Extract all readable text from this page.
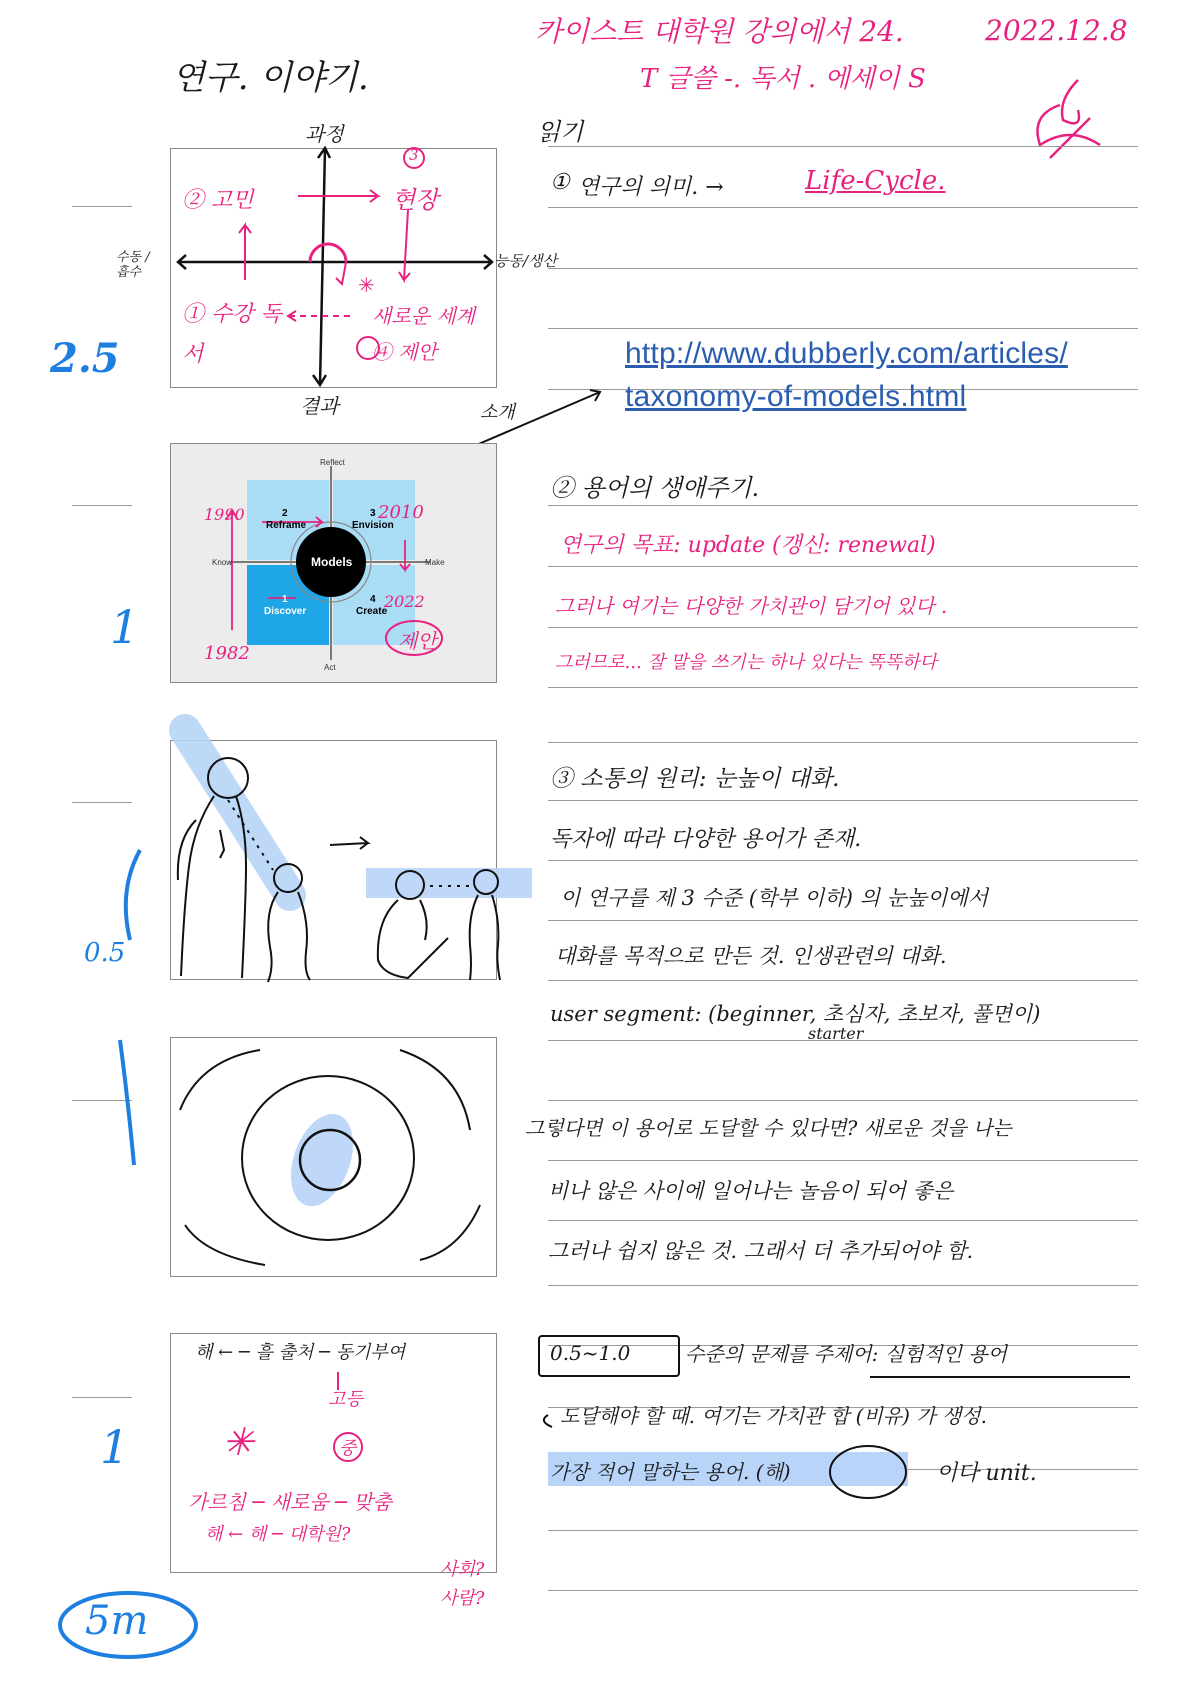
연구. 이야기.
카이스트 대학원 강의에서 24.	2022.12.8
T 글쓸 -. 독서 . 에세이 S
읽기
✳
과정
결과
수동 / 흡수
능동/생산
② 고민
3
현장
① 수강 독서
새로운 세계 ④ 제안
2.5
소개
http://www.dubberly.com/articles/
taxonomy-of-models.html
Reflect
Act
Know	Make
Models
2
Reframe
3
Envision
1
Discover
4
Create
1990	2010
1982
2022
제안
1
0.5
해 ← ─ 흘 출처 ─ 동기부여
고등
✳	중
가르침 ─ 새로움 ─ 맞춤
해 ← 해 ─ 대학원?
사회?
사람?
1
5m
① 연구의 의미. →	Life-Cycle.
② 용어의 생애주기.
연구의 목표: update (갱신: renewal)
그러나 여기는 다양한 가치관이 담기어 있다 .
그러므로... 잘 말을 쓰기는 하나 있다는 똑똑하다
③ 소통의 원리: 눈높이 대화.
독자에 따라 다양한 용어가 존재.
이 연구를 제 3 수준 (학부 이하) 의 눈높이에서
대화를 목적으로 만든 것. 인생관련의 대화.
user segment: (beginner, 초심자, 초보자, 풀면이)
starter
그렇다면 이 용어로 도달할 수 있다면? 새로운 것을 나는
비나 않은 사이에 일어나는 놀음이 되어 좋은
그러나 쉽지 않은 것. 그래서 더 추가되어야 함.
0.5~1.0	수준의 문제를 주제어: 실험적인 용어
도달해야 할 때. 여기는 가치관 합 (비유) 가 생성.
가장 적어 말하는 용어. (해)	이다 unit.
